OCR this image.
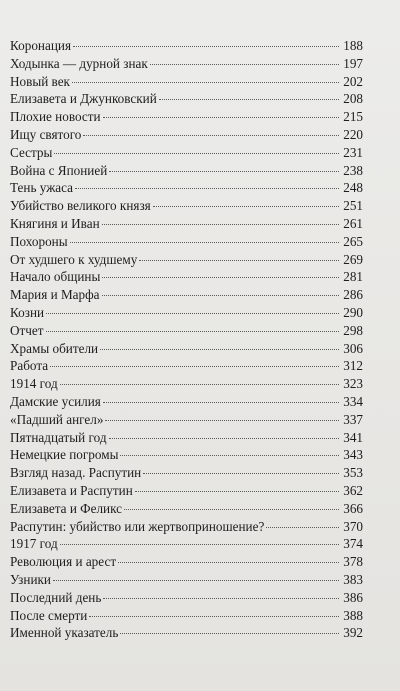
Коронация	188
Ходынка — дурной знак	197
Новый век	202
Елизавета и Джунковский	208
Плохие новости	215
Ищу святого	220
Сестры	231
Война с Японией	238
Тень ужаса	248
Убийство великого князя	251
Княгиня и Иван	261
Похороны	265
От худшего к худшему	269
Начало общины	281
Мария и Марфа	286
Козни	290
Отчет	298
Храмы обители	306
Работа	312
1914 год	323
Дамские усилия	334
«Падший ангел»	337
Пятнадцатый год	341
Немецкие погромы	343
Взгляд назад. Распутин	353
Елизавета и Распутин	362
Елизавета и Феликс	366
Распутин: убийство или жертвоприношение?	370
1917 год	374
Революция и арест	378
Узники	383
Последний день	386
После смерти	388
Именной указатель	392
